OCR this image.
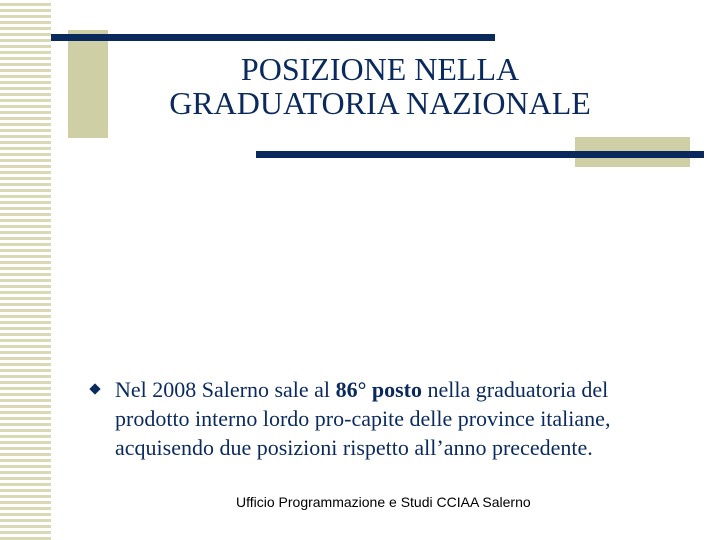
POSIZIONE NELLA
GRADUATORIA NAZIONALE
Nel 2008 Salerno sale al 86° posto nella graduatoria del prodotto interno lordo pro-capite delle province italiane, acquisendo due posizioni rispetto all’anno precedente.
Ufficio Programmazione e Studi CCIAA Salerno
